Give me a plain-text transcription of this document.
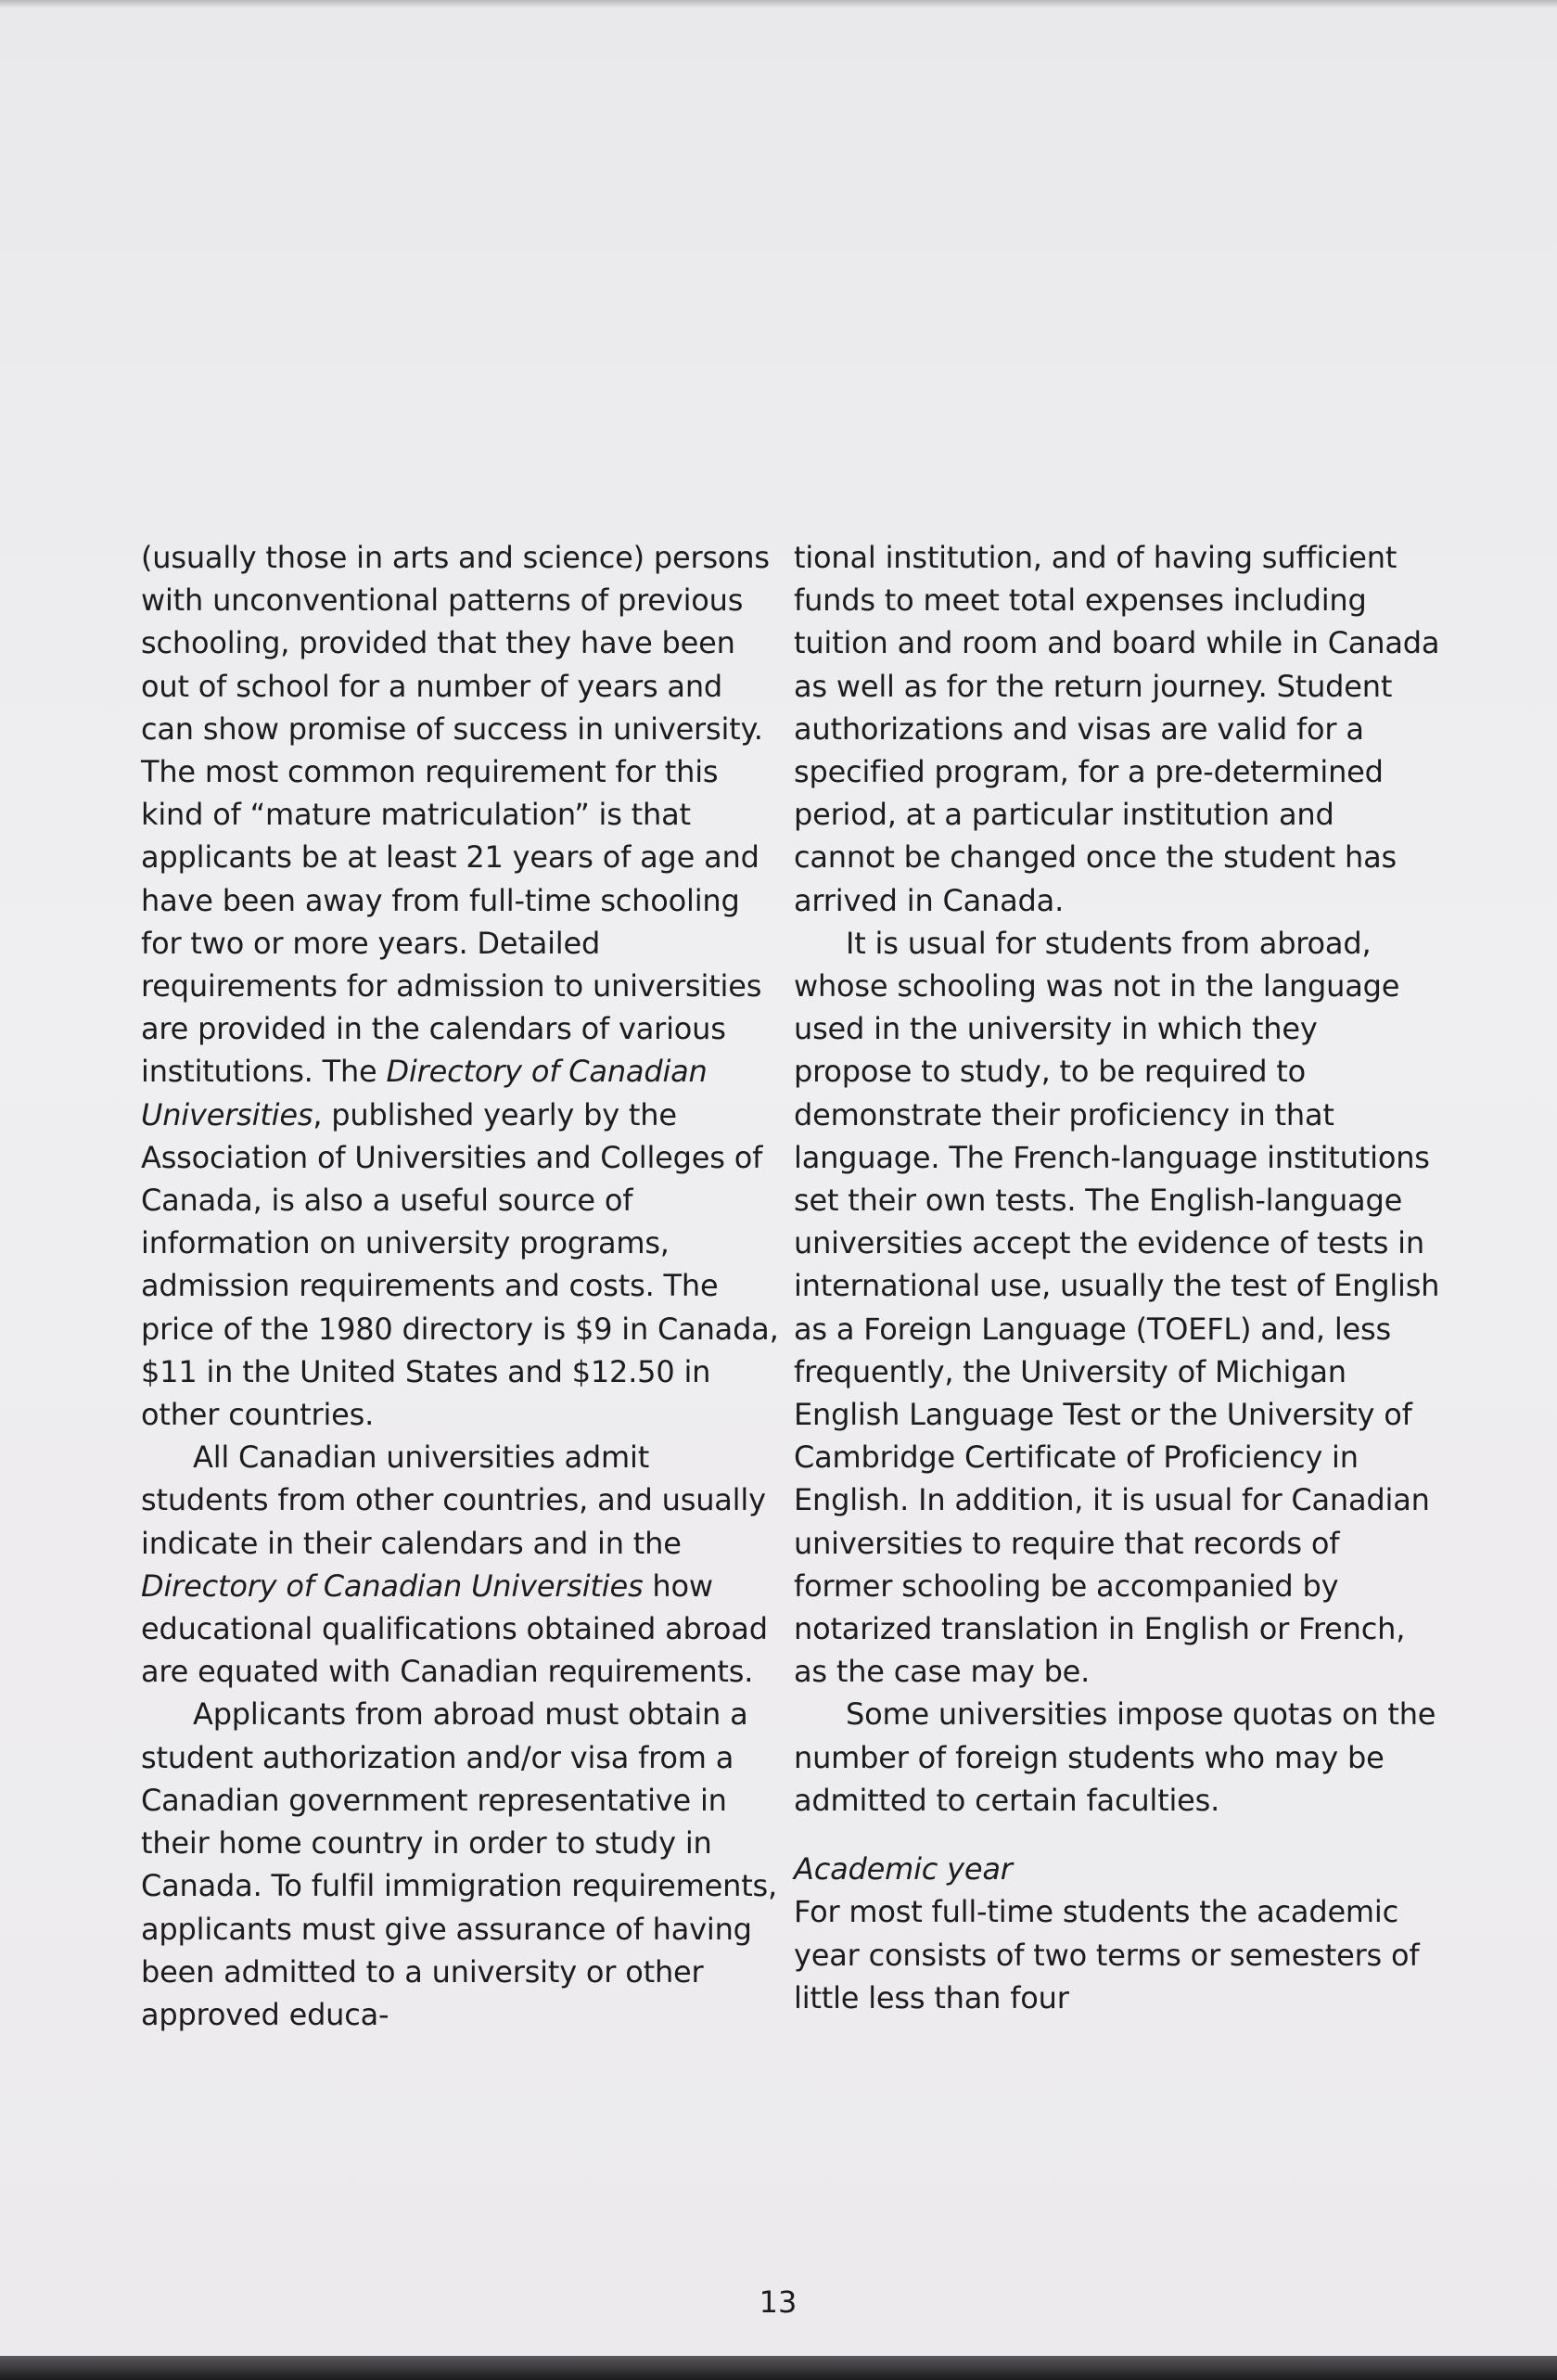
(usually those in arts and science) persons with unconventional patterns of previous schooling, provided that they have been out of school for a number of years and can show promise of success in university. The most common requirement for this kind of “mature matriculation” is that applicants be at least 21 years of age and have been away from full-time schooling for two or more years. Detailed requirements for admission to universities are provided in the calendars of various institutions. The Directory of Canadian Universities, published yearly by the Association of Universities and Colleges of Canada, is also a useful source of information on university programs, admission requirements and costs. The price of the 1980 directory is $9 in Canada, $11 in the United States and $12.50 in other countries.

All Canadian universities admit students from other countries, and usually indicate in their calendars and in the Directory of Canadian Universities how educational qualifications obtained abroad are equated with Canadian requirements.

Applicants from abroad must obtain a student authorization and/or visa from a Canadian government representative in their home country in order to study in Canada. To fulfil immigration requirements, applicants must give assurance of having been admitted to a university or other approved educa-

tional institution, and of having sufficient funds to meet total expenses including tuition and room and board while in Canada as well as for the return journey. Student authorizations and visas are valid for a specified program, for a pre-determined period, at a particular institution and cannot be changed once the student has arrived in Canada.

It is usual for students from abroad, whose schooling was not in the language used in the university in which they propose to study, to be required to demonstrate their proficiency in that language. The French-language institutions set their own tests. The English-language universities accept the evidence of tests in international use, usually the test of English as a Foreign Language (TOEFL) and, less frequently, the University of Michigan English Language Test or the University of Cambridge Certificate of Proficiency in English. In addition, it is usual for Canadian universities to require that records of former schooling be accompanied by notarized translation in English or French, as the case may be.

Some universities impose quotas on the number of foreign students who may be admitted to certain faculties.

Academic year

For most full-time students the academic year consists of two terms or semesters of little less than four

13
